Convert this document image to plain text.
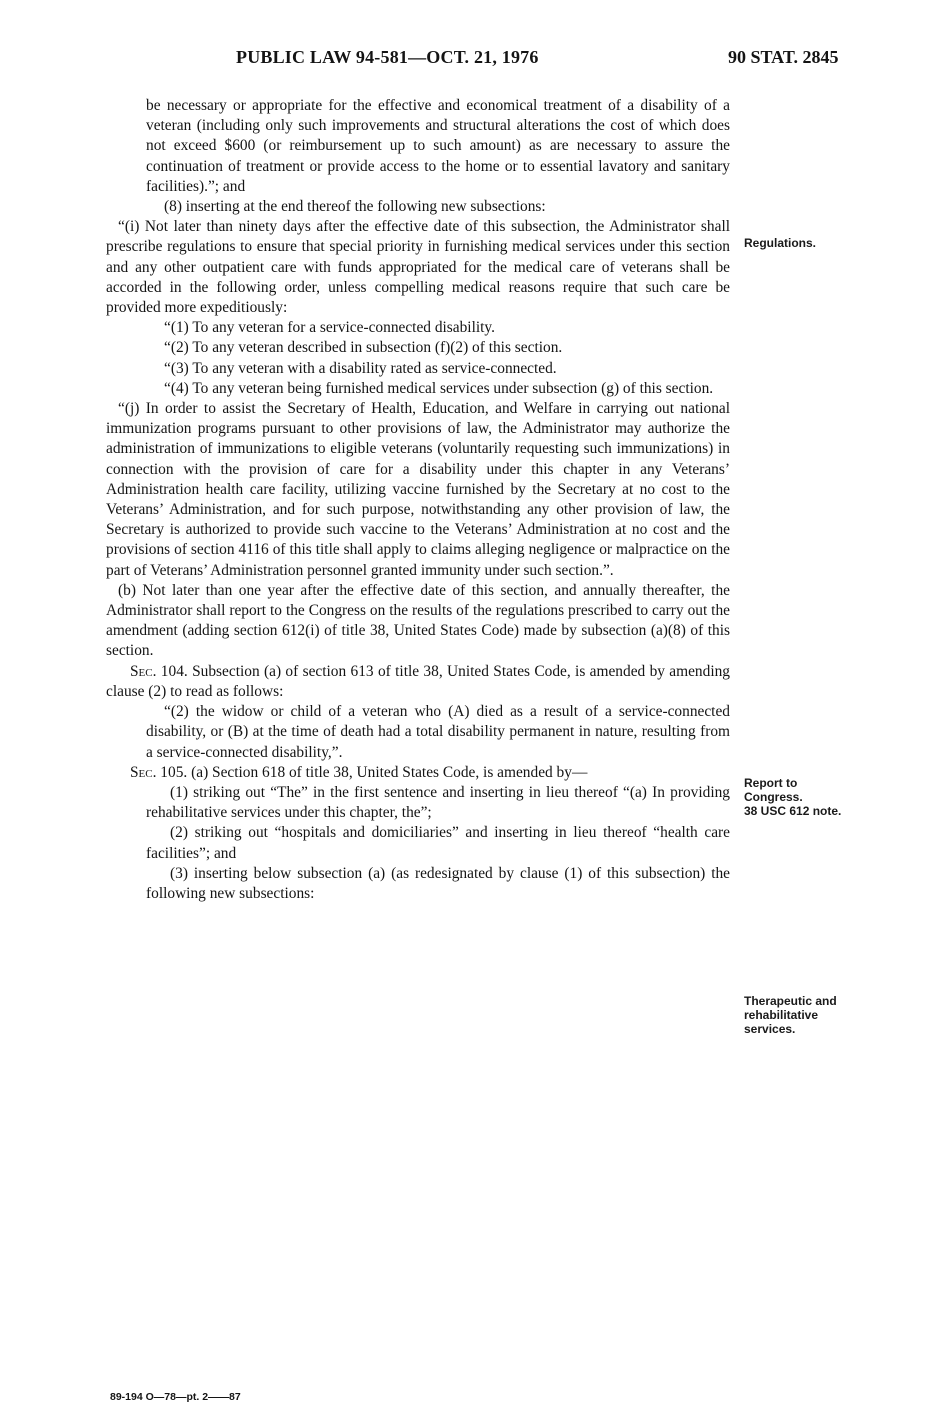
PUBLIC LAW 94-581—OCT. 21, 1976	90 STAT. 2845

be necessary or appropriate for the effective and economical treatment of a disability of a veteran (including only such improvements and structural alterations the cost of which does not exceed $600 (or reimbursement up to such amount) as are necessary to assure the continuation of treatment or provide access to the home or to essential lavatory and sanitary facilities).”; and

(8) inserting at the end thereof the following new subsections:

“(i) Not later than ninety days after the effective date of this subsection, the Administrator shall prescribe regulations to ensure that special priority in furnishing medical services under this section and any other outpatient care with funds appropriated for the medical care of veterans shall be accorded in the following order, unless compelling medical reasons require that such care be provided more expeditiously:

“(1) To any veteran for a service-connected disability.

“(2) To any veteran described in subsection (f)(2) of this section.

“(3) To any veteran with a disability rated as service-connected.

“(4) To any veteran being furnished medical services under subsection (g) of this section.

“(j) In order to assist the Secretary of Health, Education, and Welfare in carrying out national immunization programs pursuant to other provisions of law, the Administrator may authorize the administration of immunizations to eligible veterans (voluntarily requesting such immunizations) in connection with the provision of care for a disability under this chapter in any Veterans’ Administration health care facility, utilizing vaccine furnished by the Secretary at no cost to the Veterans’ Administration, and for such purpose, notwithstanding any other provision of law, the Secretary is authorized to provide such vaccine to the Veterans’ Administration at no cost and the provisions of section 4116 of this title shall apply to claims alleging negligence or malpractice on the part of Veterans’ Administration personnel granted immunity under such section.”.

(b) Not later than one year after the effective date of this section, and annually thereafter, the Administrator shall report to the Congress on the results of the regulations prescribed to carry out the amendment (adding section 612(i) of title 38, United States Code) made by subsection (a)(8) of this section.

Sec. 104. Subsection (a) of section 613 of title 38, United States Code, is amended by amending clause (2) to read as follows:

“(2) the widow or child of a veteran who (A) died as a result of a service-connected disability, or (B) at the time of death had a total disability permanent in nature, resulting from a service-connected disability,”.

Sec. 105. (a) Section 618 of title 38, United States Code, is amended by—

(1) striking out “The” in the first sentence and inserting in lieu thereof “(a) In providing rehabilitative services under this chapter, the”;

(2) striking out “hospitals and domiciliaries” and inserting in lieu thereof “health care facilities”; and

(3) inserting below subsection (a) (as redesignated by clause (1) of this subsection) the following new subsections:

Regulations.
Report to
Congress.
38 USC 612 note.
Therapeutic and
rehabilitative
services.
89-194 O—78—pt. 2——87
